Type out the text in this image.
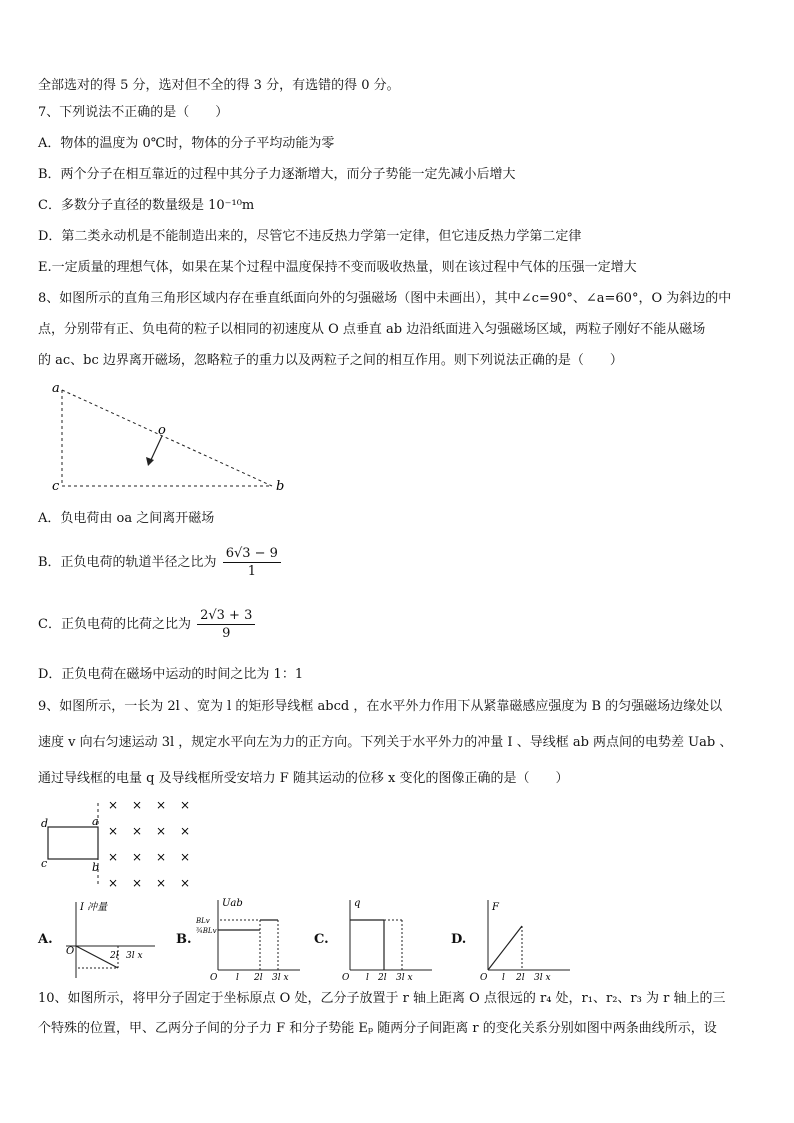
全部选对的得 5 分，选对但不全的得 3 分，有选错的得 0 分。
7、下列说法不正确的是（　　）
A．物体的温度为 0℃时，物体的分子平均动能为零
B．两个分子在相互靠近的过程中其分子力逐渐增大，而分子势能一定先减小后增大
C．多数分子直径的数量级是 10⁻¹⁰m
D．第二类永动机是不能制造出来的，尽管它不违反热力学第一定律，但它违反热力学第二定律
E.一定质量的理想气体，如果在某个过程中温度保持不变而吸收热量，则在该过程中气体的压强一定增大
8、如图所示的直角三角形区域内存在垂直纸面向外的匀强磁场（图中未画出），其中∠c=90°、∠a=60°，O 为斜边的中
点，分别带有正、负电荷的粒子以相同的初速度从 O 点垂直 ab 边沿纸面进入匀强磁场区域，两粒子刚好不能从磁场
的 ac、bc 边界离开磁场，忽略粒子的重力以及两粒子之间的相互作用。则下列说法正确的是（　　）
a
c	b
o
A．负电荷由 oa 之间离开磁场
B．正负电荷的轨道半径之比为 $\frac{6√3 - 9}{1}$
C．正负电荷的比荷之比为 $\frac{2√3 + 3}{9}$
D．正负电荷在磁场中运动的时间之比为 1：1
9、如图所示，一长为 2l 、宽为 l 的矩形导线框 abcd ，在水平外力作用下从紧靠磁感应强度为 B 的匀强磁场边缘处以
速度 v 向右匀速运动 3l ，规定水平向左为力的正方向。下列关于水平外力的冲量 I 、导线框 ab 两点间的电势差 Uab 、
通过导线框的电量 q 及导线框所受安培力 F 随其运动的位移 x 变化的图像正确的是（　　）
d	a
c	b
× × × ×
× × × ×
× × × ×
× × × ×
A.	B.	C.	D.
I 冲量
O	2l 3l x
Uab
BLv
¾BLv
O l 2l 3l x
q
O l 2l 3l x
F
O l 2l 3l x
10、如图所示，将甲分子固定于坐标原点 O 处，乙分子放置于 r 轴上距离 O 点很远的 r₄ 处，r₁、r₂、r₃ 为 r 轴上的三
个特殊的位置，甲、乙两分子间的分子力 F 和分子势能 Eₚ 随两分子间距离 r 的变化关系分别如图中两条曲线所示，设
